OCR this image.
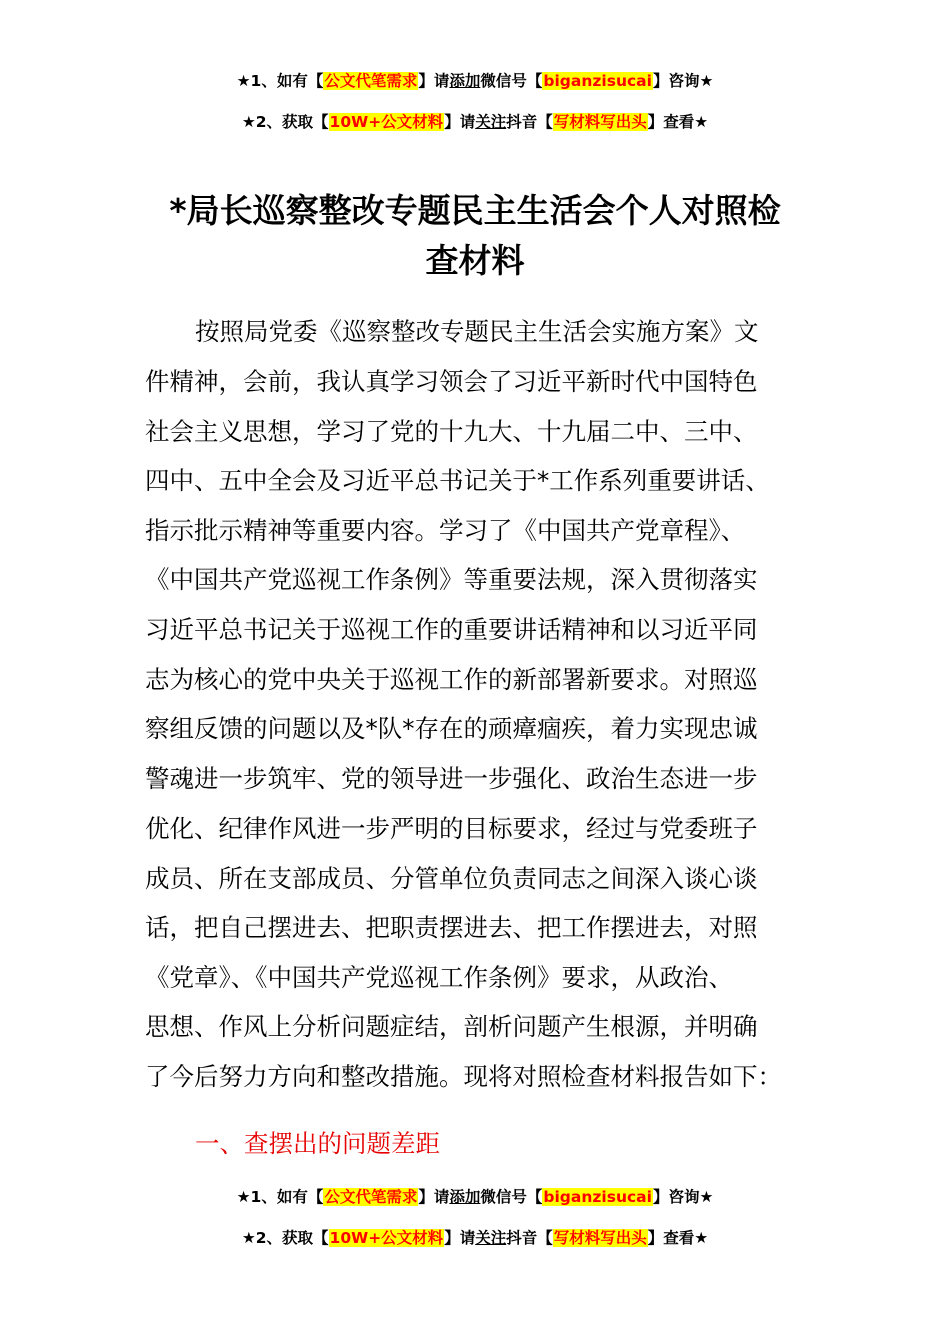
★1、如有【公文代笔需求】请添加微信号【biganzisucai】咨询★
★2、获取【10W+公文材料】请关注抖音【写材料写出头】查看★
*局长巡察整改专题民主生活会个人对照检
查材料
按照局党委《巡察整改专题民主生活会实施方案》文
件精神，会前，我认真学习领会了习近平新时代中国特色
社会主义思想，学习了党的十九大、十九届二中、三中、
四中、五中全会及习近平总书记关于*工作系列重要讲话、
指示批示精神等重要内容。学习了《中国共产党章程》、
《中国共产党巡视工作条例》等重要法规，深入贯彻落实
习近平总书记关于巡视工作的重要讲话精神和以习近平同
志为核心的党中央关于巡视工作的新部署新要求。对照巡
察组反馈的问题以及*队*存在的顽瘴痼疾，着力实现忠诚
警魂进一步筑牢、党的领导进一步强化、政治生态进一步
优化、纪律作风进一步严明的目标要求，经过与党委班子
成员、所在支部成员、分管单位负责同志之间深入谈心谈
话，把自己摆进去、把职责摆进去、把工作摆进去，对照
《党章》、《中国共产党巡视工作条例》要求，从政治、
思想、作风上分析问题症结，剖析问题产生根源，并明确
了今后努力方向和整改措施。现将对照检查材料报告如下：
一、查摆出的问题差距
★1、如有【公文代笔需求】请添加微信号【biganzisucai】咨询★
★2、获取【10W+公文材料】请关注抖音【写材料写出头】查看★
